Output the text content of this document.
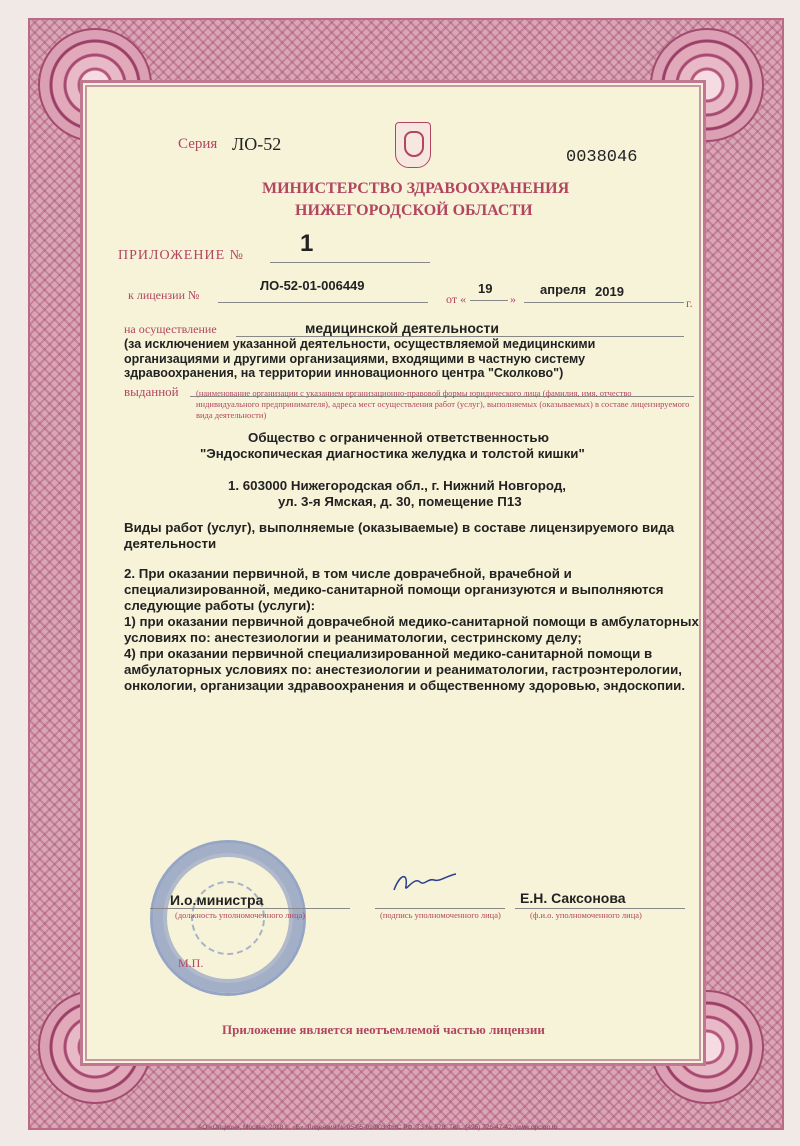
Серия ЛО-52
0038046
МИНИСТЕРСТВО ЗДРАВООХРАНЕНИЯ
НИЖЕГОРОДСКОЙ ОБЛАСТИ
ПРИЛОЖЕНИЕ № 1
к лицензии №
ЛО-52-01-006449
от «
19
»
апреля 2019
г.
на осуществление	медицинской деятельности
(за исключением указанной деятельности, осуществляемой медицинскими организациями и другими организациями, входящими в частную систему здравоохранения, на территории инновационного центра "Сколково")
выданной (наименование организации с указанием организационно-правовой формы юридического лица (фамилия, имя, отчество индивидуального предпринимателя), адреса мест осуществления работ (услуг), выполняемых (оказываемых) в составе лицензируемого вида деятельности)
Общество с ограниченной ответственностью
"Эндоскопическая диагностика желудка и толстой кишки"
1. 603000 Нижегородская обл., г. Нижний Новгород,
ул. 3-я Ямская, д. 30, помещение П13
Виды работ (услуг), выполняемые (оказываемые) в составе лицензируемого вида
деятельности
2. При оказании первичной, в том числе доврачебной, врачебной и
специализированной, медико-санитарной помощи организуются и выполняются
следующие работы (услуги):
1) при оказании первичной доврачебной медико-санитарной помощи в амбулаторных
условиях по: анестезиологии и реаниматологии, сестринскому делу;
4) при оказании первичной специализированной медико-санитарной помощи в
амбулаторных условиях по: анестезиологии и реаниматологии, гастроэнтерологии,
онкологии, организации здравоохранения и общественному здоровью, эндоскопии.
И.о.министра
(должность уполномоченного лица)	(подпись уполномоченного лица)
Е.Н. Саксонова
(ф.и.о. уполномоченного лица)
М.П.
Приложение является неотъемлемой частью лицензии
АО «Опцион», Москва, 2018 г., «Б». Лицензия № 05-05-09/003 ФНС РФ. ТЗ № 578. Тел.: (495) 726-47-42, www.opcion.ru
